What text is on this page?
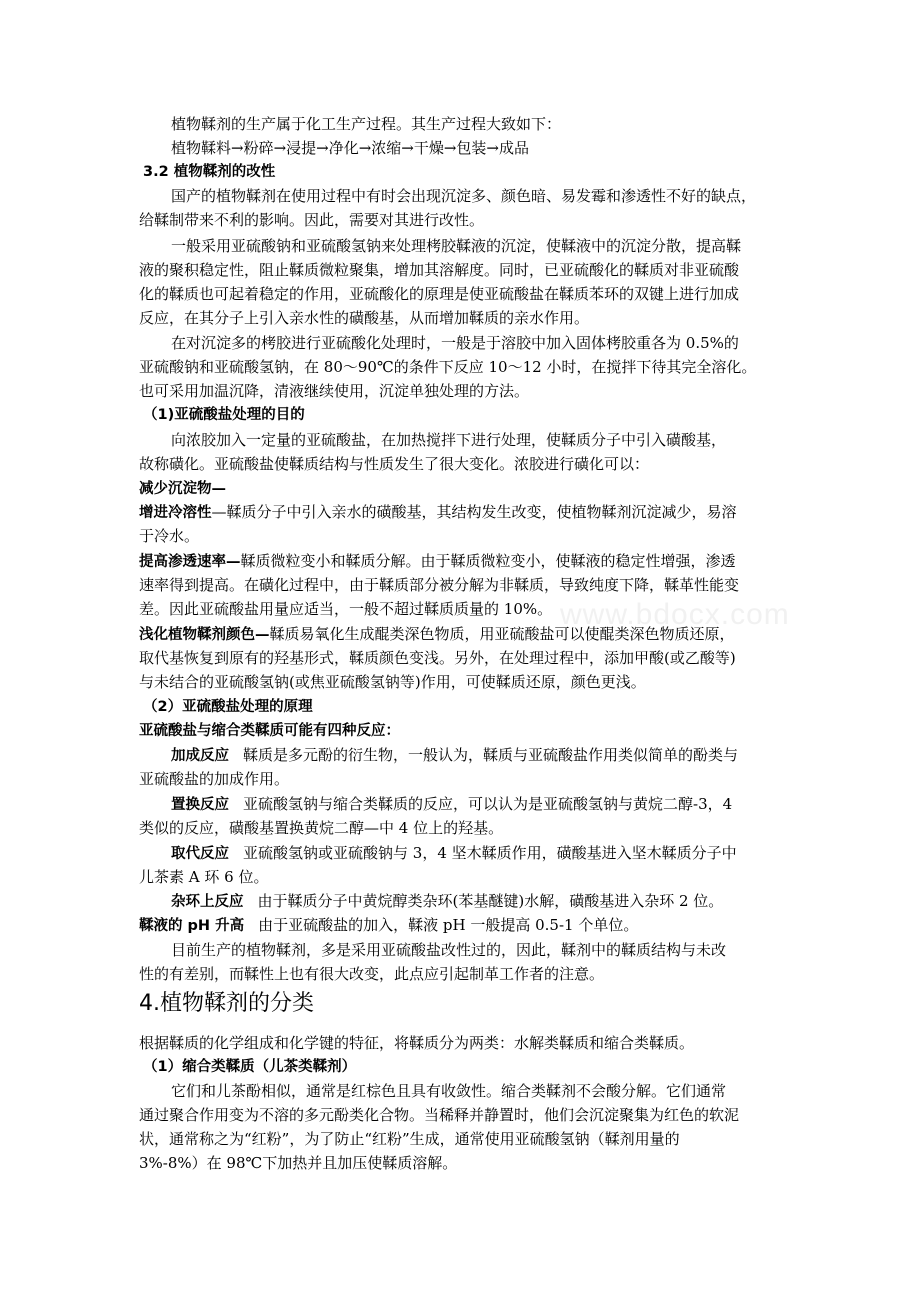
植物鞣剂的生产属于化工生产过程。其生产过程大致如下：
植物鞣料→粉碎→浸提→净化→浓缩→干燥→包装→成品
3.2 植物鞣剂的改性
国产的植物鞣剂在使用过程中有时会出现沉淀多、颜色暗、易发霉和渗透性不好的缺点，
给鞣制带来不利的影响。因此，需要对其进行改性。
一般采用亚硫酸钠和亚硫酸氢钠来处理栲胶鞣液的沉淀，使鞣液中的沉淀分散，提高鞣
液的聚积稳定性，阻止鞣质微粒聚集，增加其溶解度。同时，已亚硫酸化的鞣质对非亚硫酸
化的鞣质也可起着稳定的作用，亚硫酸化的原理是使亚硫酸盐在鞣质苯环的双键上进行加成
反应，在其分子上引入亲水性的磺酸基，从而增加鞣质的亲水作用。
在对沉淀多的栲胶进行亚硫酸化处理时，一般是于溶胶中加入固体栲胶重各为 0.5%的
亚硫酸钠和亚硫酸氢钠，在 80～90℃的条件下反应 10～12 小时，在搅拌下待其完全溶化。
也可采用加温沉降，清液继续使用，沉淀单独处理的方法。
（1)亚硫酸盐处理的目的
向浓胶加入一定量的亚硫酸盐，在加热搅拌下进行处理，使鞣质分子中引入磺酸基，
故称磺化。亚硫酸盐使鞣质结构与性质发生了很大变化。浓胶进行磺化可以：
减少沉淀物—
增进冷溶性—鞣质分子中引入亲水的磺酸基，其结构发生改变，使植物鞣剂沉淀减少，易溶
于冷水。
提高渗透速率—鞣质微粒变小和鞣质分解。由于鞣质微粒变小，使鞣液的稳定性增强，渗透
速率得到提高。在磺化过程中，由于鞣质部分被分解为非鞣质，导致纯度下降，鞣革性能变
差。因此亚硫酸盐用量应适当，一般不超过鞣质质量的 10%。
浅化植物鞣剂颜色—鞣质易氧化生成醌类深色物质，用亚硫酸盐可以使醌类深色物质还原，
取代基恢复到原有的羟基形式，鞣质颜色变浅。另外，在处理过程中，添加甲酸(或乙酸等)
与未结合的亚硫酸氢钠(或焦亚硫酸氢钠等)作用，可使鞣质还原，颜色更浅。
（2）亚硫酸盐处理的原理
亚硫酸盐与缩合类鞣质可能有四种反应：
加成反应 鞣质是多元酚的衍生物，一般认为，鞣质与亚硫酸盐作用类似简单的酚类与
亚硫酸盐的加成作用。
置换反应 亚硫酸氢钠与缩合类鞣质的反应，可以认为是亚硫酸氢钠与黄烷二醇-3，4
类似的反应，磺酸基置换黄烷二醇—中 4 位上的羟基。
取代反应 亚硫酸氢钠或亚硫酸钠与 3，4 坚木鞣质作用，磺酸基进入坚木鞣质分子中
儿茶素 A 环 6 位。
杂环上反应 由于鞣质分子中黄烷醇类杂环(苯基醚键)水解，磺酸基进入杂环 2 位。
鞣液的 pH 升高 由于亚硫酸盐的加入，鞣液 pH 一般提高 0.5-1 个单位。
目前生产的植物鞣剂，多是采用亚硫酸盐改性过的，因此，鞣剂中的鞣质结构与未改
性的有差别，而鞣性上也有很大改变，此点应引起制革工作者的注意。
4.植物鞣剂的分类
根据鞣质的化学组成和化学键的特征，将鞣质分为两类：水解类鞣质和缩合类鞣质。
（1）缩合类鞣质（儿茶类鞣剂）
它们和儿茶酚相似，通常是红棕色且具有收敛性。缩合类鞣剂不会酸分解。它们通常
通过聚合作用变为不溶的多元酚类化合物。当稀释并静置时，他们会沉淀聚集为红色的软泥
状，通常称之为“红粉”，为了防止“红粉”生成，通常使用亚硫酸氢钠（鞣剂用量的
3%-8%）在 98℃下加热并且加压使鞣质溶解。
www.bdocx.com
